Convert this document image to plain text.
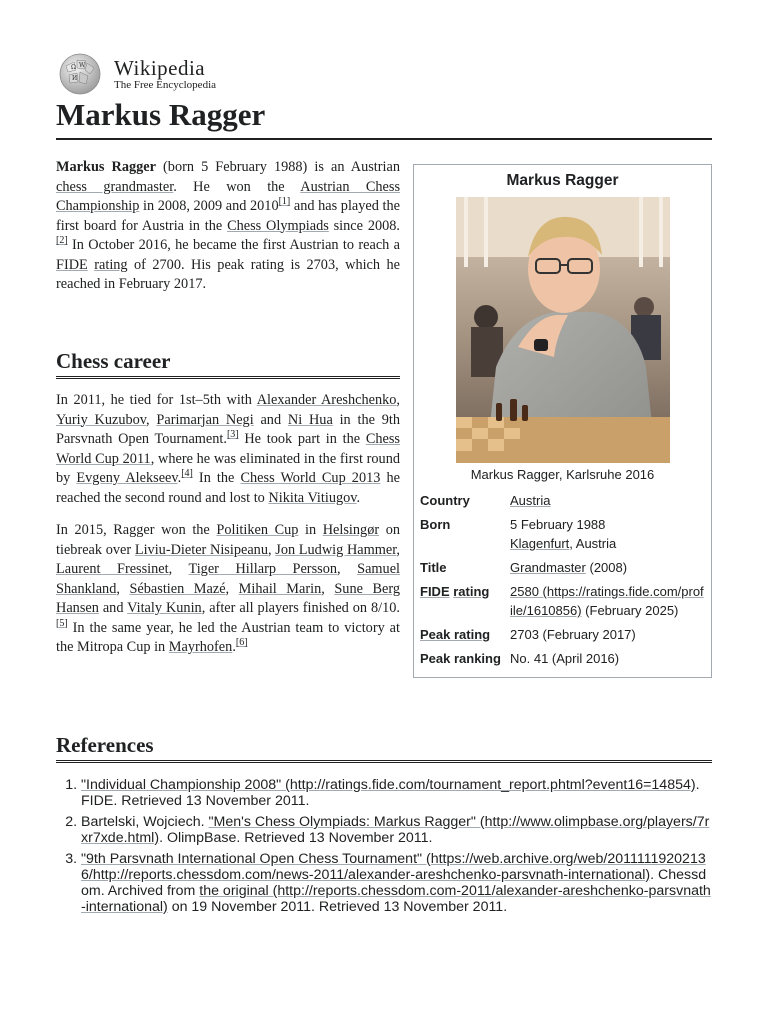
Ω W
И Wikipedia
The Free Encyclopedia
Markus Ragger

Markus Ragger (born 5 February 1988) is an Austrian chess grandmaster. He won the Austrian Chess Championship in 2008, 2009 and 2010[1] and has played the first board for Austria in the Chess Olympiads since 2008.[2] In October 2016, he became the first Austrian to reach a FIDE rating of 2700. His peak rating is 2703, which he reached in February 2017.

Chess career

In 2011, he tied for 1st–5th with Alexander Areshchenko, Yuriy Kuzubov, Parimarjan Negi and Ni Hua in the 9th Parsvnath Open Tournament.[3] He took part in the Chess World Cup 2011, where he was eliminated in the first round by Evgeny Alekseev.[4] In the Chess World Cup 2013 he reached the second round and lost to Nikita Vitiugov.

In 2015, Ragger won the Politiken Cup in Helsingør on tiebreak over Liviu-Dieter Nisipeanu, Jon Ludwig Hammer, Laurent Fressinet, Tiger Hillarp Persson, Samuel Shankland, Sébastien Mazé, Mihail Marin, Sune Berg Hansen and Vitaly Kunin, after all players finished on 8/10.[5] In the same year, he led the Austrian team to victory at the Mitropa Cup in Mayrhofen.[6]

Markus Ragger
Markus Ragger, Karlsruhe 2016
Country	Austria
Born	5 February 1988
Klagenfurt, Austria
Title	Grandmaster (2008)
FIDE rating	2580 (https://ratings.fide.com/profile/1610856) (February 2025)
Peak rating	2703 (February 2017)
Peak ranking	No. 41 (April 2016)
References
1. "Individual Championship 2008" (http://ratings.fide.com/tournament_report.phtml?event16=14854). FIDE. Retrieved 13 November 2011.
2. Bartelski, Wojciech. "Men's Chess Olympiads: Markus Ragger" (http://www.olimpbase.org/players/7rxr7xde.html). OlimpBase. Retrieved 13 November 2011.
3. "9th Parsvnath International Open Chess Tournament" (https://web.archive.org/web/20111119202136/http://reports.chessdom.com/news-2011/alexander-areshchenko-parsvnath-international). Chessdom. Archived from the original (http://reports.chessdom.com-2011/alexander-areshchenko-parsvnath-international) on 19 November 2011. Retrieved 13 November 2011.
